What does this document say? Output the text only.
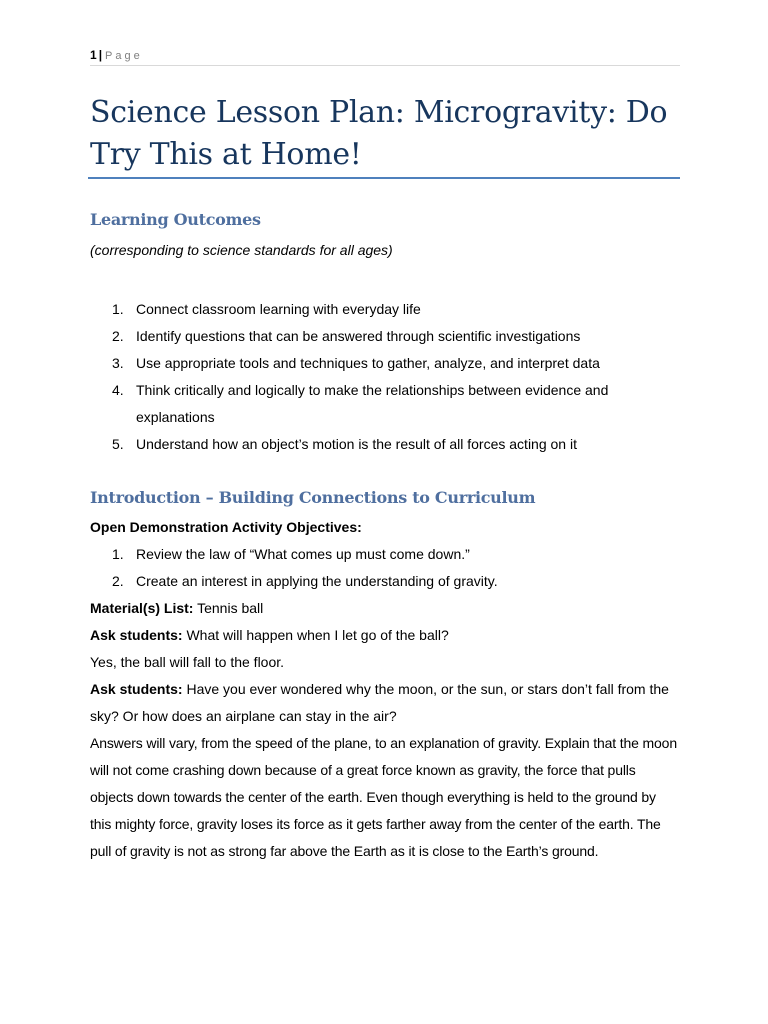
1 | Page
Science Lesson Plan: Microgravity: Do Try This at Home!
Learning Outcomes
(corresponding to science standards for all ages)
1. Connect classroom learning with everyday life
2. Identify questions that can be answered through scientific investigations
3. Use appropriate tools and techniques to gather, analyze, and interpret data
4. Think critically and logically to make the relationships between evidence and explanations
5. Understand how an object’s motion is the result of all forces acting on it
Introduction – Building Connections to Curriculum

Open Demonstration Activity Objectives:

1. Review the law of “What comes up must come down.”
2. Create an interest in applying the understanding of gravity.

Material(s) List: Tennis ball

Ask students: What will happen when I let go of the ball?

Yes, the ball will fall to the floor.

Ask students: Have you ever wondered why the moon, or the sun, or stars don’t fall from the sky? Or how does an airplane can stay in the air?

Answers will vary, from the speed of the plane, to an explanation of gravity. Explain that the moon will not come crashing down because of a great force known as gravity, the force that pulls objects down towards the center of the earth. Even though everything is held to the ground by this mighty force, gravity loses its force as it gets farther away from the center of the earth. The pull of gravity is not as strong far above the Earth as it is close to the Earth’s ground.
